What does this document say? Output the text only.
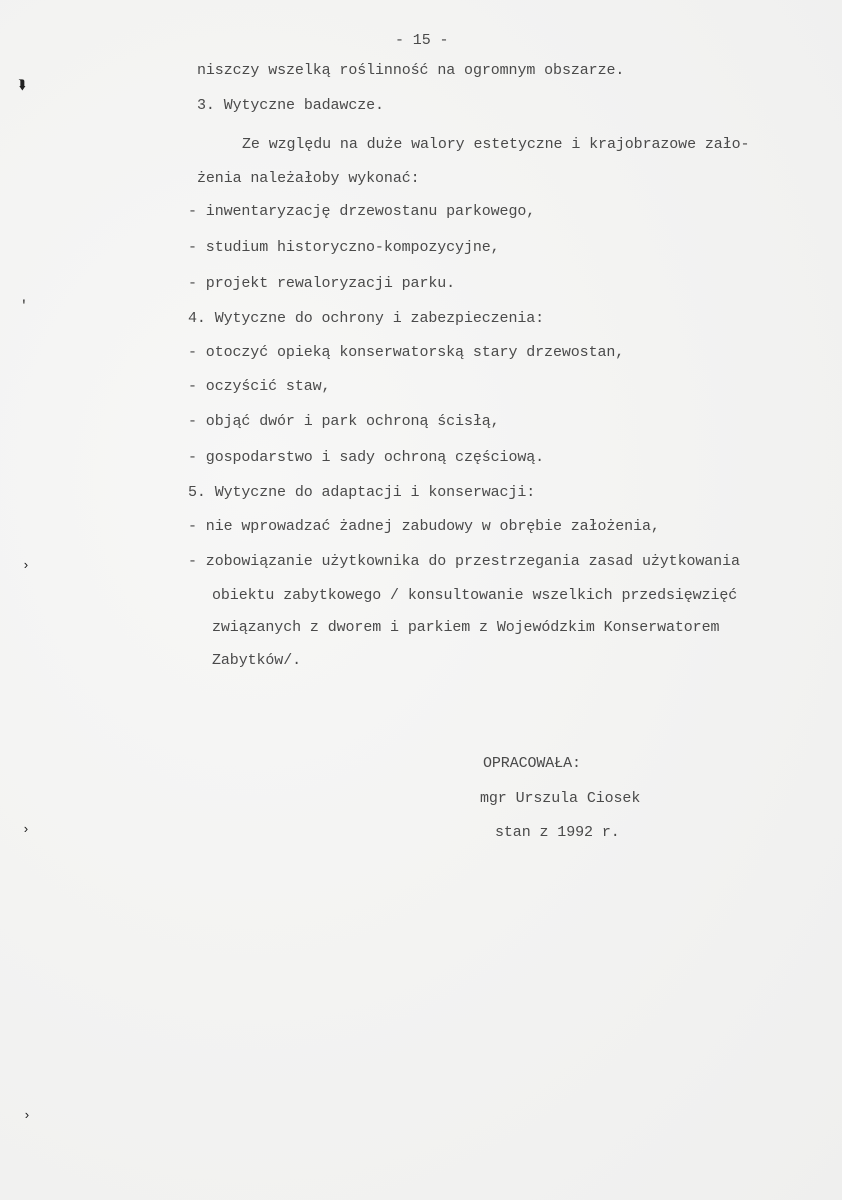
- 15 -
niszczy wszelką roślinność na ogromnym obszarze.
3. Wytyczne badawcze.
Ze względu na duże walory estetyczne i krajobrazowe zało-
żenia należałoby wykonać:
- inwentaryzację drzewostanu parkowego,
- studium historyczno-kompozycyjne,
- projekt rewaloryzacji parku.
4. Wytyczne do ochrony i zabezpieczenia:
- otoczyć opieką konserwatorską stary drzewostan,
- oczyścić staw,
- objąć dwór i park ochroną ścisłą,
- gospodarstwo i sady ochroną częściową.
5. Wytyczne do adaptacji i konserwacji:
- nie wprowadzać żadnej zabudowy w obrębie założenia,
- zobowiązanie użytkownika do przestrzegania zasad użytkowania
obiektu zabytkowego / konsultowanie wszelkich przedsięwzięć
związanych z dworem i parkiem z Wojewódzkim Konserwatorem
Zabytków/.
OPRACOWAŁA:
mgr Urszula Ciosek
stan z 1992 r.
⮯
′
›
›
›
